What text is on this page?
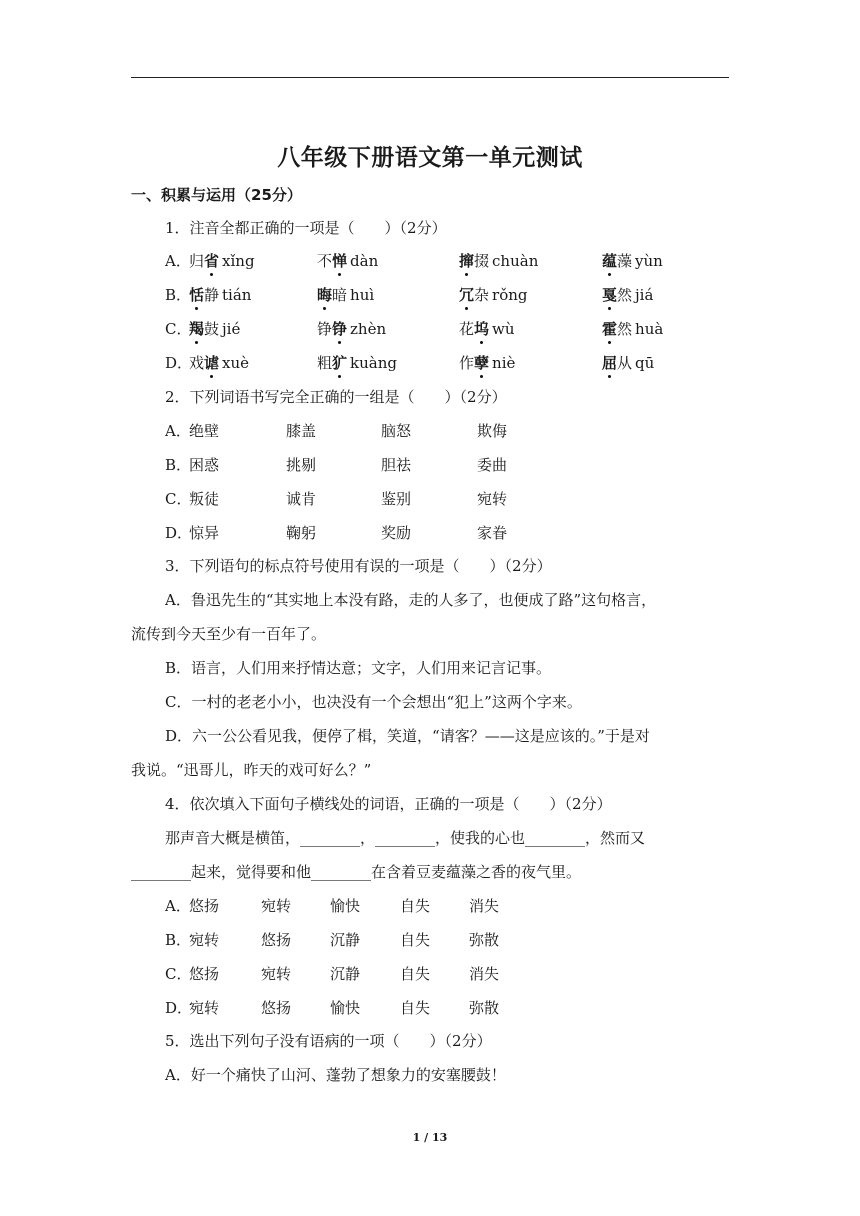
八年级下册语文第一单元测试
一、积累与运用（25分）
1．注音全都正确的一项是（　　）（2分）
A．
归省 xǐng	不惮 dàn	撺掇 chuàn	蕴藻 yùn
B．
恬静 tián	晦暗 huì	冗杂 rǒng	戛然 jiá
C．
羯鼓 jié	铮铮 zhèn	花坞 wù	霍然 huà
D．
戏谑 xuè	粗犷 kuàng	作孽 niè	屈从 qū
2．下列词语书写完全正确的一组是（　　）（2分）
A．
绝壁	膝盖	脑怒	欺侮
B．
困惑	挑剔	胆祛	委曲
C．
叛徒	诚肯	鉴别	宛转
D．
惊异	鞠躬	奖励	家眷
3．下列语句的标点符号使用有误的一项是（　　）（2分）
A．鲁迅先生的“其实地上本没有路，走的人多了，也便成了路”这句格言，
流传到今天至少有一百年了。
B．语言，人们用来抒情达意；文字，人们用来记言记事。
C．一村的老老小小，也决没有一个会想出“犯上”这两个字来。
D．六一公公看见我，便停了楫，笑道，“请客？——这是应该的。”于是对
我说。“迅哥儿，昨天的戏可好么？”
4．依次填入下面句子横线处的词语，正确的一项是（　　）（2分）
那声音大概是横笛，________，________，使我的心也________，然而又
________起来，觉得要和他________在含着豆麦蕴藻之香的夜气里。
A．
悠扬	宛转	愉快	自失	消失
B．
宛转	悠扬	沉静	自失	弥散
C．
悠扬	宛转	沉静	自失	消失
D．
宛转	悠扬	愉快	自失	弥散
5．选出下列句子没有语病的一项（　　）（2分）
A．好一个痛快了山河、蓬勃了想象力的安塞腰鼓！
1 / 13
